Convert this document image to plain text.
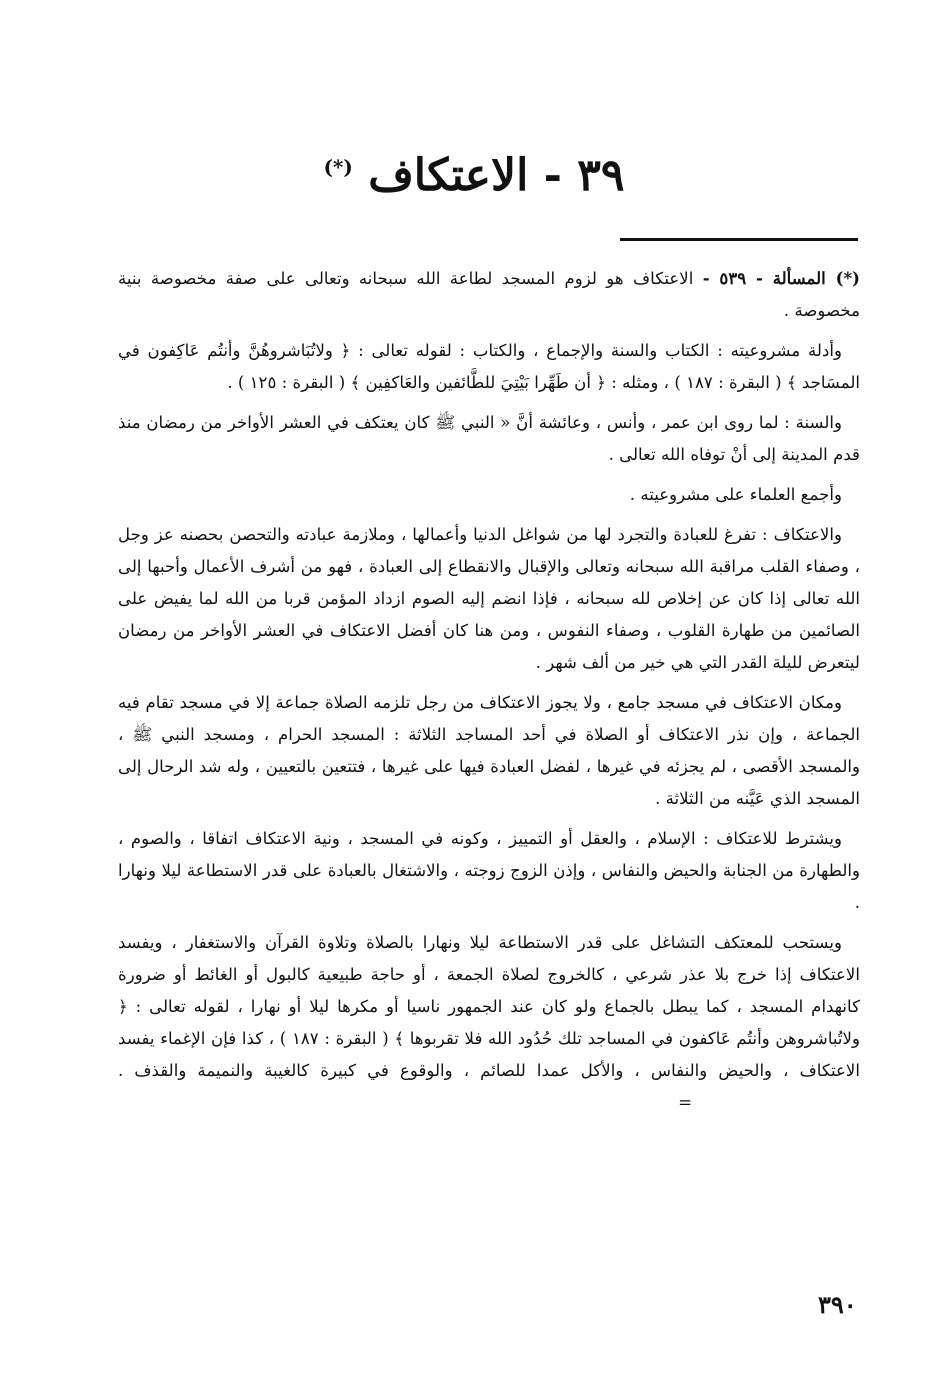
٣٩ - الاعتكاف (*)

(*) المسألة - ٥٣٩ - الاعتكاف هو لزوم المسجد لطاعة الله سبحانه وتعالى على صفة مخصوصة بنية مخصوصة .

وأدلة مشروعيته : الكتاب والسنة والإجماع ، والكتاب : لقوله تعالى : ﴿ ولاتُبَاشروهُنَّ وأنتُم عَاكِفون في المسَاجد ﴾ ( البقرة : ١٨٧ ) ، ومثله : ﴿ أن طَهِّرا بَيْتِيَ للطَّائفين والعَاكفِين ﴾ ( البقرة : ١٢٥ ) .

والسنة : لما روى ابن عمر ، وأنس ، وعائشة أنَّ « النبي ﷺ كان يعتكف في العشر الأواخر من رمضان منذ قدم المدينة إلى أنْ توفاه الله تعالى .

وأجمع العلماء على مشروعيته .

والاعتكاف : تفرغ للعبادة والتجرد لها من شواغل الدنيا وأعمالها ، وملازمة عبادته والتحصن بحصنه عز وجل ، وصفاء القلب مراقبة الله سبحانه وتعالى والإقبال والانقطاع إلى العبادة ، فهو من أشرف الأعمال وأحبها إلى الله تعالى إذا كان عن إخلاص لله سبحانه ، فإذا انضم إليه الصوم ازداد المؤمن قربا من الله لما يفيض على الصائمين من طهارة القلوب ، وصفاء النفوس ، ومن هنا كان أفضل الاعتكاف في العشر الأواخر من رمضان ليتعرض لليلة القدر التي هي خير من ألف شهر .

ومكان الاعتكاف في مسجد جامع ، ولا يجوز الاعتكاف من رجل تلزمه الصلاة جماعة إلا في مسجد تقام فيه الجماعة ، وإن نذر الاعتكاف أو الصلاة في أحد المساجد الثلاثة : المسجد الحرام ، ومسجد النبي ﷺ ، والمسجد الأقصى ، لم يجزئه في غيرها ، لفضل العبادة فيها على غيرها ، فتتعين بالتعيين ، وله شد الرحال إلى المسجد الذي عَيَّنه من الثلاثة .

ويشترط للاعتكاف : الإسلام ، والعقل أو التمييز ، وكونه في المسجد ، ونية الاعتكاف اتفاقا ، والصوم ، والطهارة من الجنابة والحيض والنفاس ، وإذن الزوج زوجته ، والاشتغال بالعبادة على قدر الاستطاعة ليلا ونهارا .

ويستحب للمعتكف التشاغل على قدر الاستطاعة ليلا ونهارا بالصلاة وتلاوة القرآن والاستغفار ، ويفسد الاعتكاف إذا خرج بلا عذر شرعي ، كالخروج لصلاة الجمعة ، أو حاجة طبيعية كالبول أو الغائط أو ضرورة كانهدام المسجد ، كما يبطل بالجماع ولو كان عند الجمهور ناسيا أو مكرها ليلا أو نهارا ، لقوله تعالى : ﴿ ولاتُباشروهن وأنتُم عَاكفون في المساجد تلك حُدُود الله فلا تقربوها ﴾ ( البقرة : ١٨٧ ) ، كذا فإن الإغماء يفسد الاعتكاف ، والحيض والنفاس ، والأكل عمدا للصائم ، والوقوع في كبيرة كالغيبة والنميمة والقذف . =

٣٩٠
